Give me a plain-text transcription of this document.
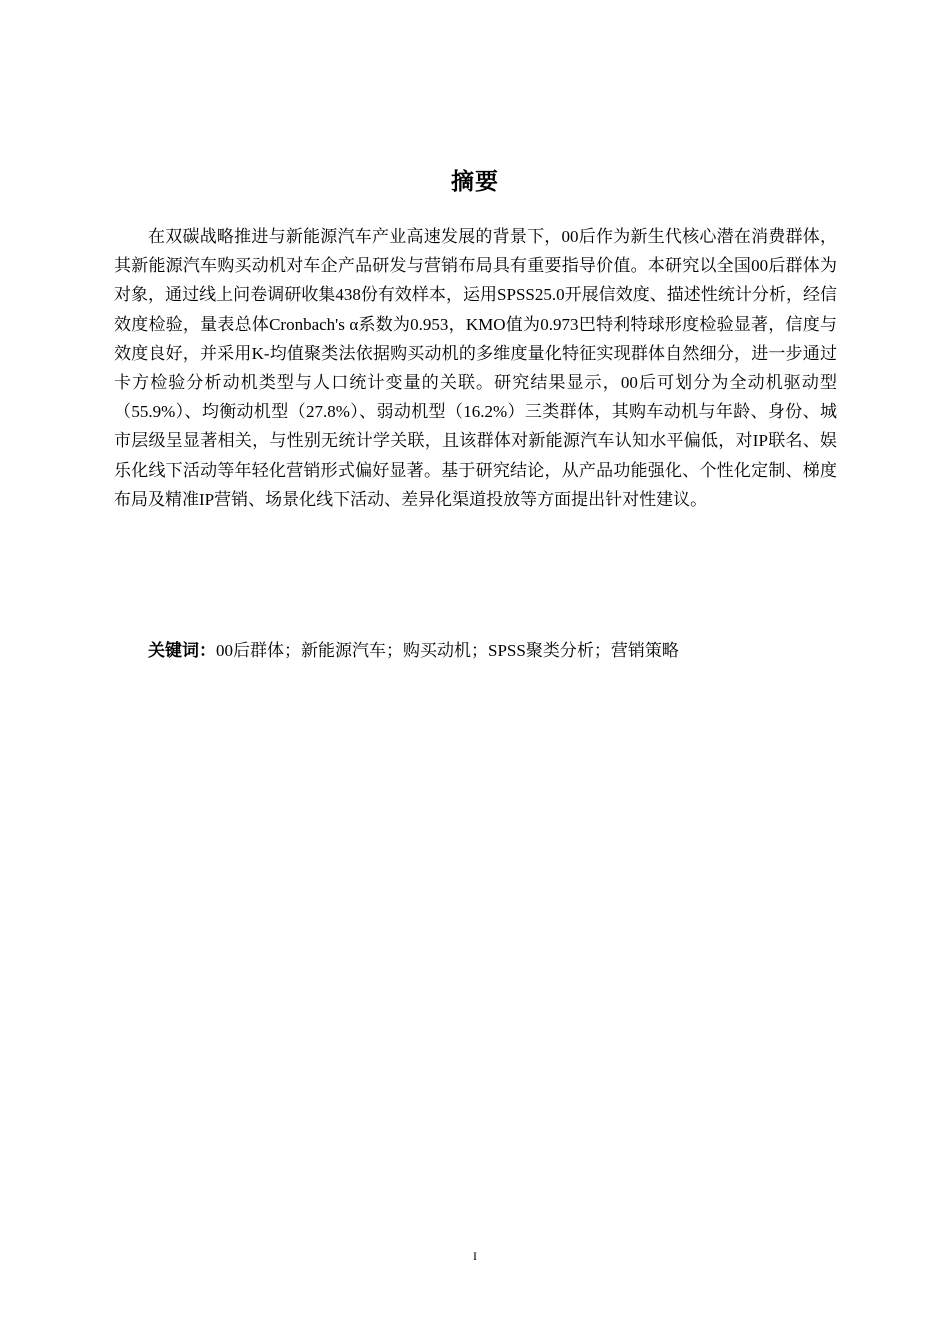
摘要

在双碳战略推进与新能源汽车产业高速发展的背景下，00后作为新生代核心潜在消费群体，其新能源汽车购买动机对车企产品研发与营销布局具有重要指导价值。本研究以全国00后群体为对象，通过线上问卷调研收集438份有效样本，运用SPSS25.0开展信效度、描述性统计分析，经信效度检验，量表总体Cronbach's α系数为0.953，KMO值为0.973巴特利特球形度检验显著，信度与效度良好，并采用K-均值聚类法依据购买动机的多维度量化特征实现群体自然细分，进一步通过卡方检验分析动机类型与人口统计变量的关联。研究结果显示，00后可划分为全动机驱动型（55.9%）、均衡动机型（27.8%）、弱动机型（16.2%）三类群体，其购车动机与年龄、身份、城市层级呈显著相关，与性别无统计学关联，且该群体对新能源汽车认知水平偏低，对IP联名、娱乐化线下活动等年轻化营销形式偏好显著。基于研究结论，从产品功能强化、个性化定制、梯度布局及精准IP营销、场景化线下活动、差异化渠道投放等方面提出针对性建议。

关键词：00后群体；新能源汽车；购买动机；SPSS聚类分析；营销策略

I
